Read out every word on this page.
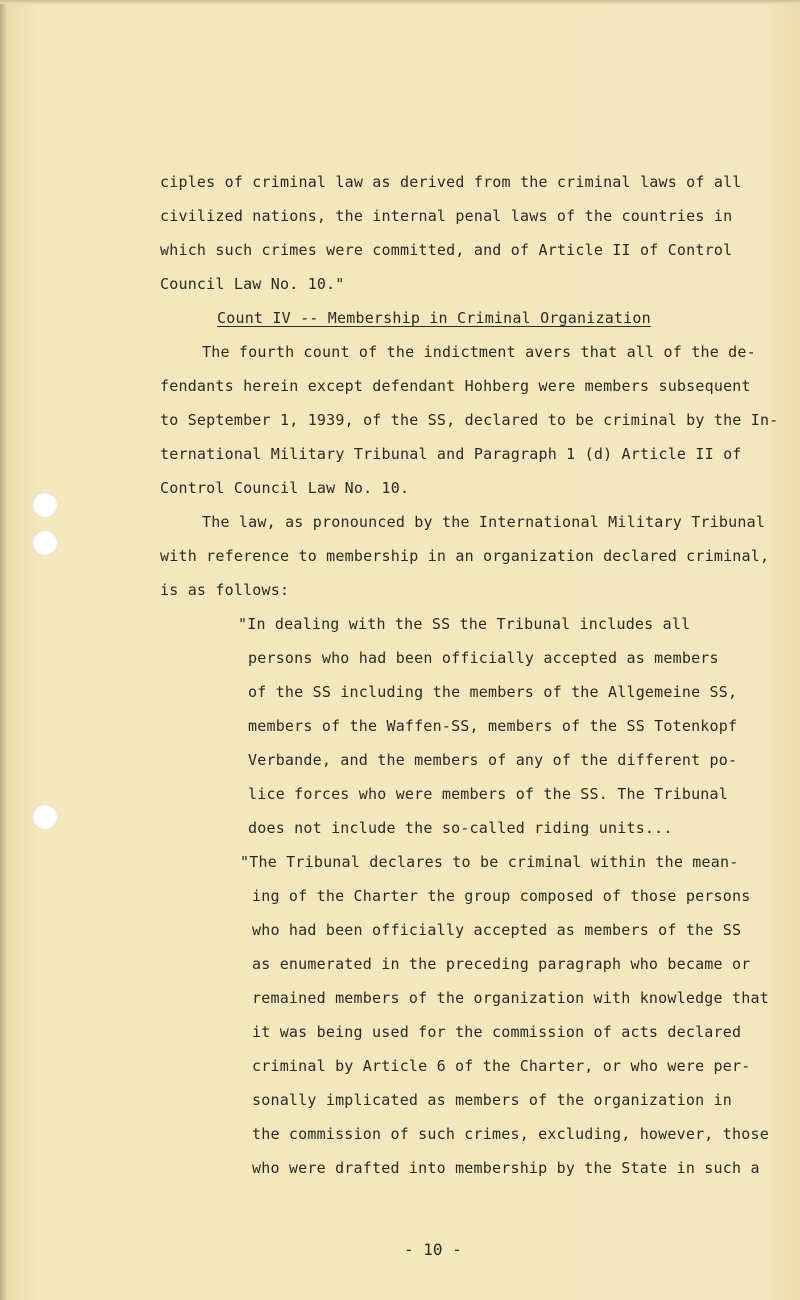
ciples of criminal law as derived from the criminal laws of all
civilized nations, the internal penal laws of the countries in
which such crimes were committed, and of Article II of Control
Council Law No. 10."
Count IV -- Membership in Criminal Organization
The fourth count of the indictment avers that all of the de-
fendants herein except defendant Hohberg were members subsequent
to September 1, 1939, of the SS, declared to be criminal by the In-
ternational Military Tribunal and Paragraph 1 (d) Article II of
Control Council Law No. 10.
The law, as pronounced by the International Military Tribunal
with reference to membership in an organization declared criminal,
is as follows:
"In dealing with the SS the Tribunal includes all
persons who had been officially accepted as members
of the SS including the members of the Allgemeine SS,
members of the Waffen-SS, members of the SS Totenkopf
Verbande, and the members of any of the different po-
lice forces who were members of the SS. The Tribunal
does not include the so-called riding units...
"The Tribunal declares to be criminal within the mean-
ing of the Charter the group composed of those persons
who had been officially accepted as members of the SS
as enumerated in the preceding paragraph who became or
remained members of the organization with knowledge that
it was being used for the commission of acts declared
criminal by Article 6 of the Charter, or who were per-
sonally implicated as members of the organization in
the commission of such crimes, excluding, however, those
who were drafted into membership by the State in such a
- 10 -
